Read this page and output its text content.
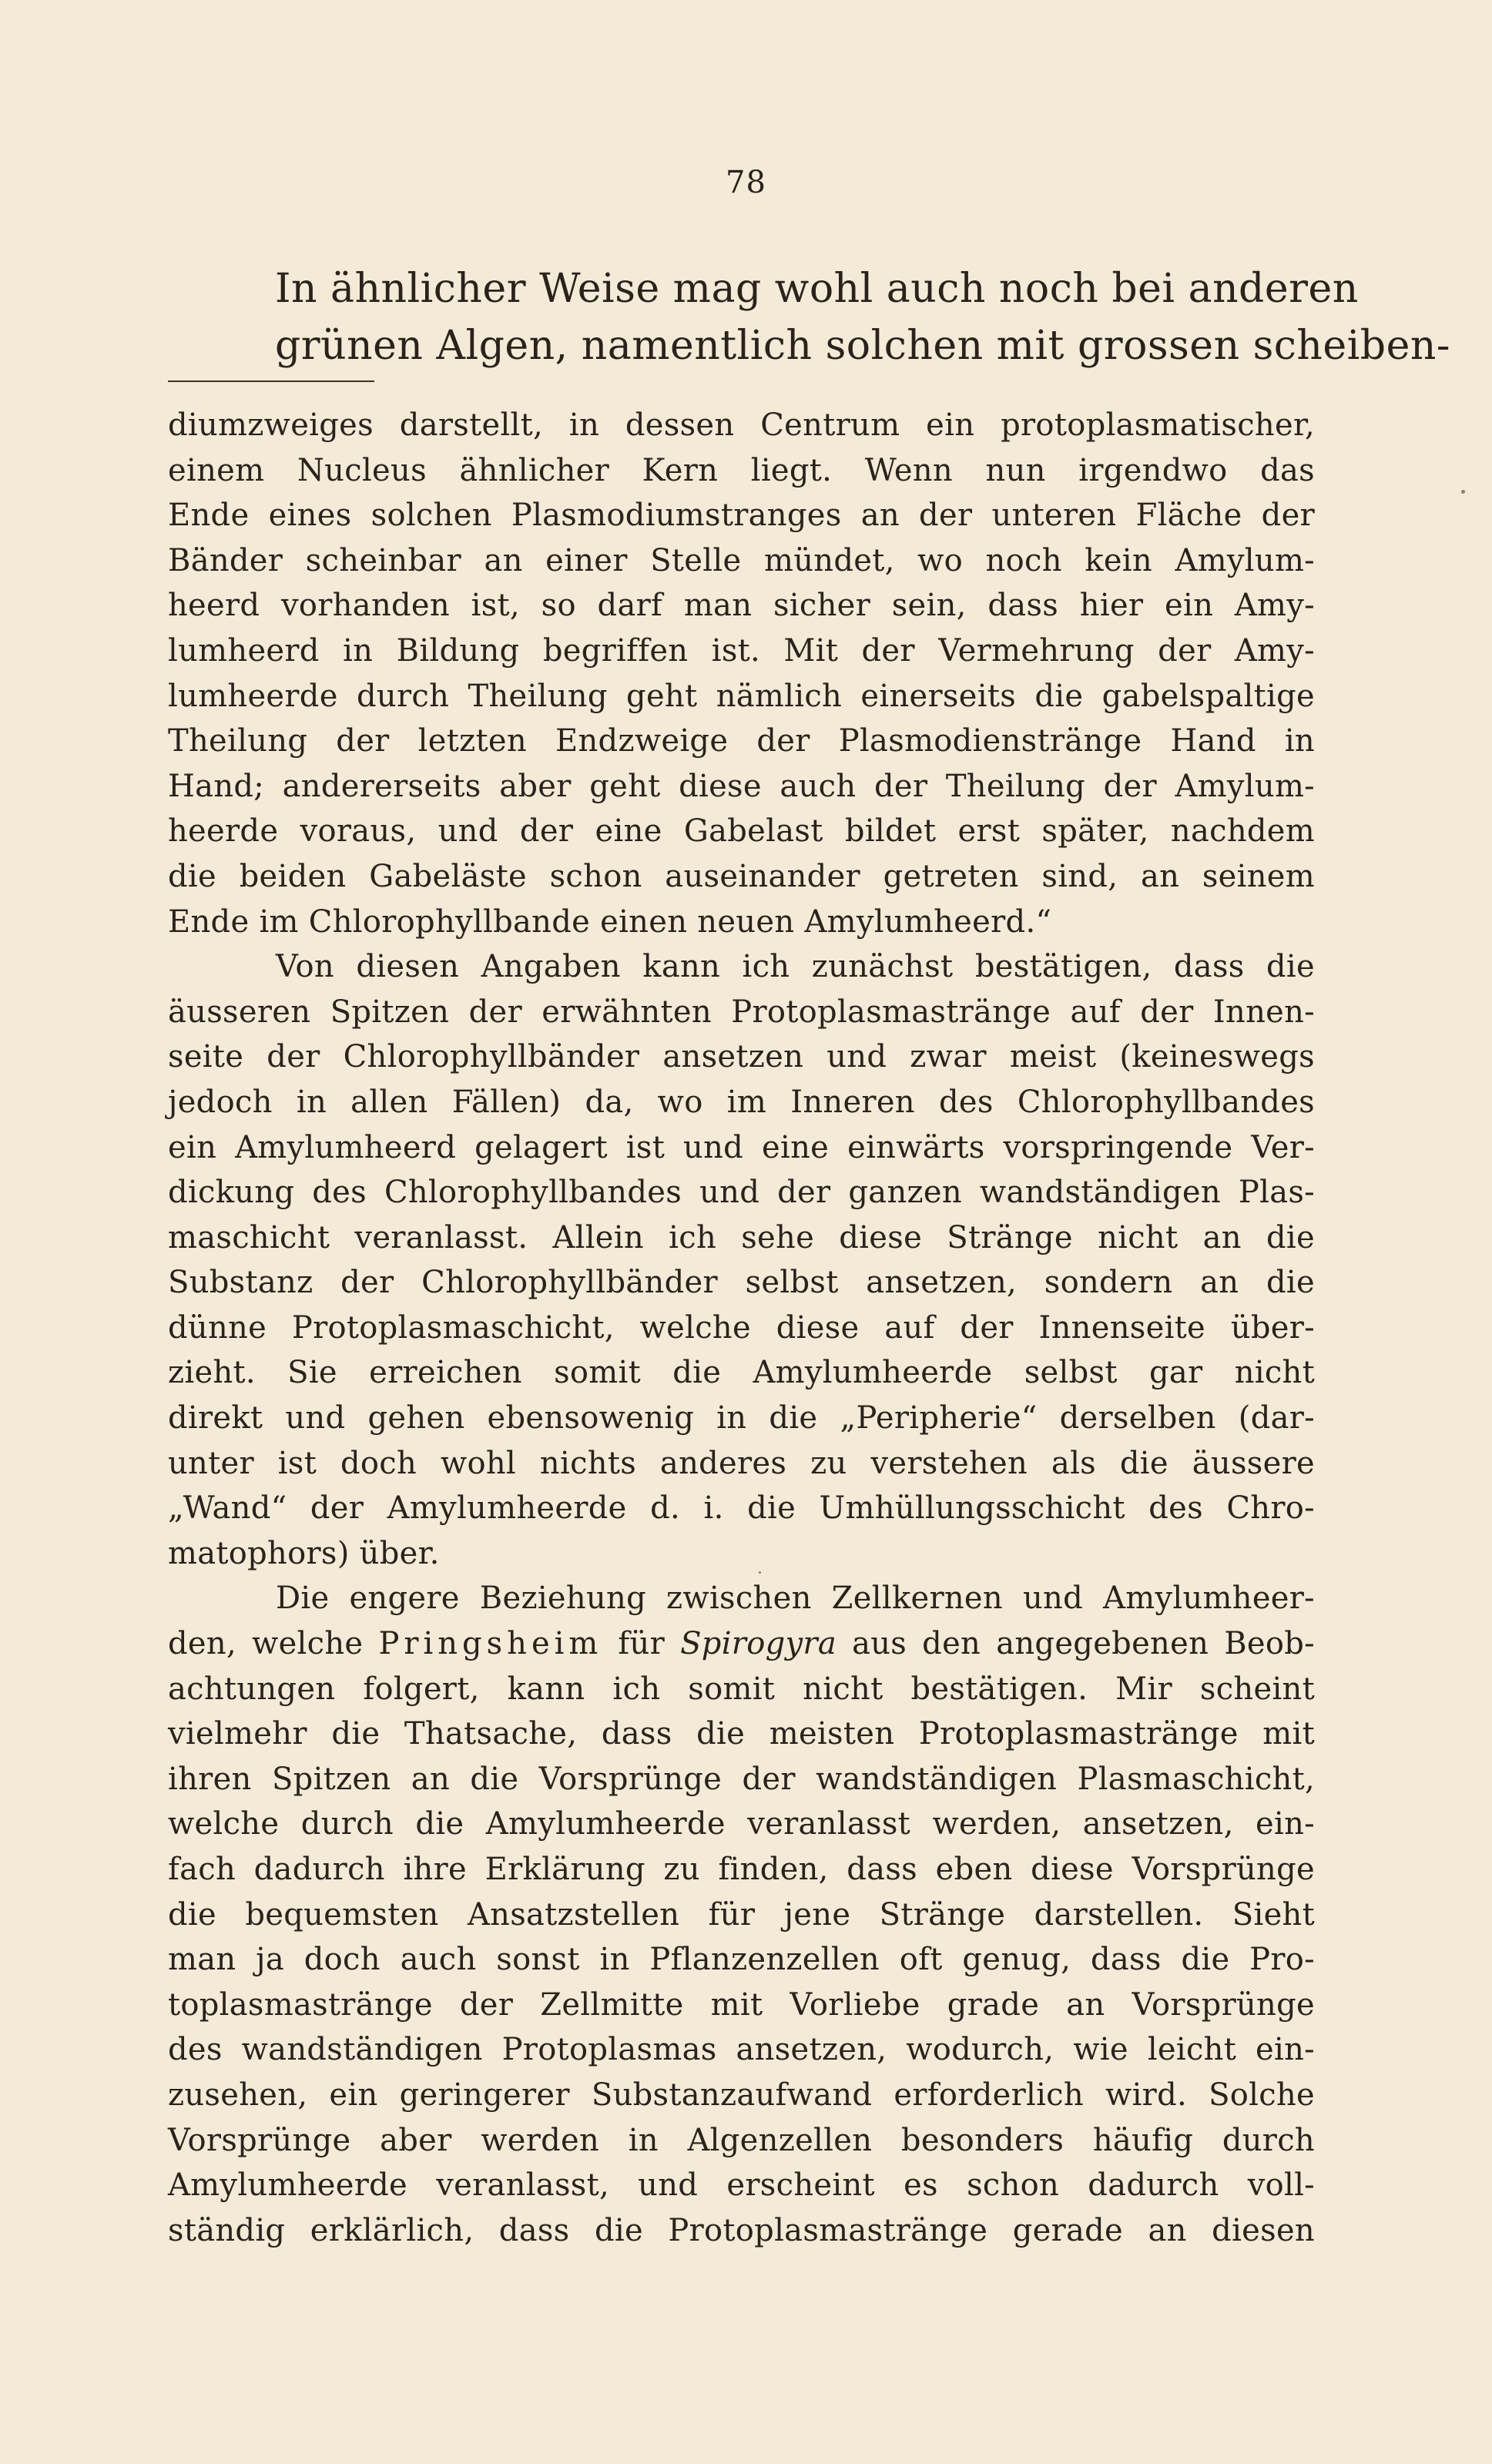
78
In ähnlicher Weise mag wohl auch noch bei anderen
grünen Algen, namentlich solchen mit grossen scheiben-
diumzweiges darstellt, in dessen Centrum ein protoplasmatischer,
einem Nucleus ähnlicher Kern liegt. Wenn nun irgendwo das
Ende eines solchen Plasmodiumstranges an der unteren Fläche der
Bänder scheinbar an einer Stelle mündet, wo noch kein Amylum-
heerd vorhanden ist, so darf man sicher sein, dass hier ein Amy-
lumheerd in Bildung begriffen ist. Mit der Vermehrung der Amy-
lumheerde durch Theilung geht nämlich einerseits die gabelspaltige
Theilung der letzten Endzweige der Plasmodienstränge Hand in
Hand; andererseits aber geht diese auch der Theilung der Amylum-
heerde voraus, und der eine Gabelast bildet erst später, nachdem
die beiden Gabeläste schon auseinander getreten sind, an seinem
Ende im Chlorophyllbande einen neuen Amylumheerd.“
Von diesen Angaben kann ich zunächst bestätigen, dass die
äusseren Spitzen der erwähnten Protoplasmastränge auf der Innen-
seite der Chlorophyllbänder ansetzen und zwar meist (keineswegs
jedoch in allen Fällen) da, wo im Inneren des Chlorophyllbandes
ein Amylumheerd gelagert ist und eine einwärts vorspringende Ver-
dickung des Chlorophyllbandes und der ganzen wandständigen Plas-
maschicht veranlasst. Allein ich sehe diese Stränge nicht an die
Substanz der Chlorophyllbänder selbst ansetzen, sondern an die
dünne Protoplasmaschicht, welche diese auf der Innenseite über-
zieht. Sie erreichen somit die Amylumheerde selbst gar nicht
direkt und gehen ebensowenig in die „Peripherie“ derselben (dar-
unter ist doch wohl nichts anderes zu verstehen als die äussere
„Wand“ der Amylumheerde d. i. die Umhüllungsschicht des Chro-
matophors) über.
Die engere Beziehung zwischen Zellkernen und Amylumheer-
den, welche Pringsheim für Spirogyra aus den angegebenen Beob-
achtungen folgert, kann ich somit nicht bestätigen. Mir scheint
vielmehr die Thatsache, dass die meisten Protoplasmastränge mit
ihren Spitzen an die Vorsprünge der wandständigen Plasmaschicht,
welche durch die Amylumheerde veranlasst werden, ansetzen, ein-
fach dadurch ihre Erklärung zu finden, dass eben diese Vorsprünge
die bequemsten Ansatzstellen für jene Stränge darstellen. Sieht
man ja doch auch sonst in Pflanzenzellen oft genug, dass die Pro-
toplasmastränge der Zellmitte mit Vorliebe grade an Vorsprünge
des wandständigen Protoplasmas ansetzen, wodurch, wie leicht ein-
zusehen, ein geringerer Substanzaufwand erforderlich wird. Solche
Vorsprünge aber werden in Algenzellen besonders häufig durch
Amylumheerde veranlasst, und erscheint es schon dadurch voll-
ständig erklärlich, dass die Protoplasmastränge gerade an diesen
